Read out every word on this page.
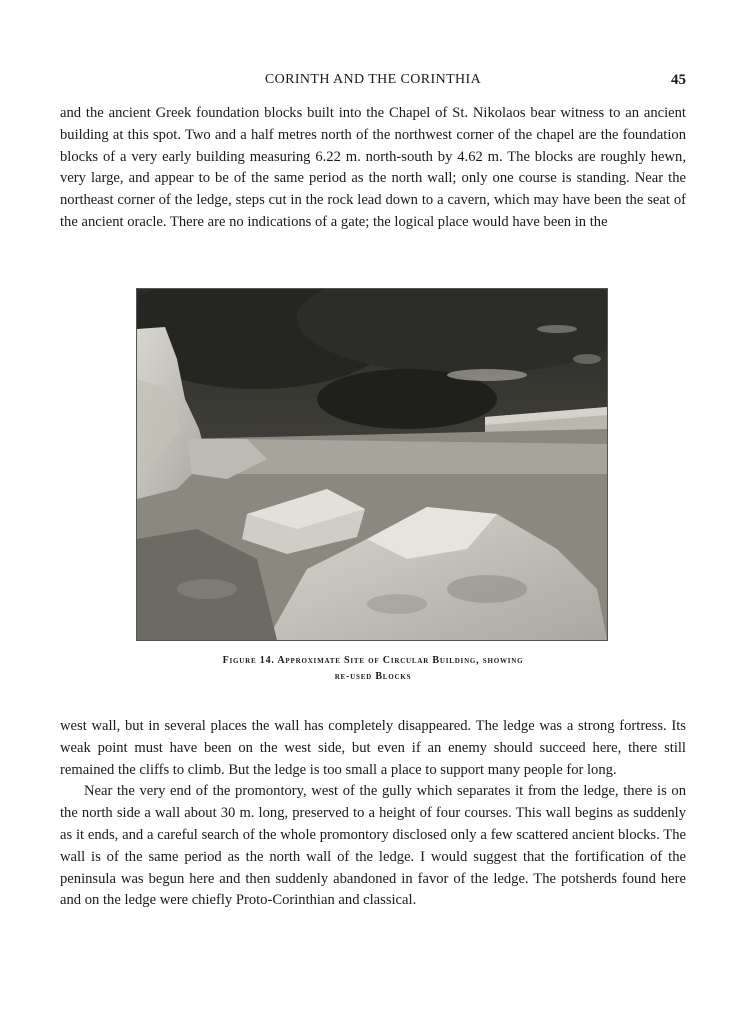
CORINTH AND THE CORINTHIA	45

and the ancient Greek foundation blocks built into the Chapel of St. Nikolaos bear witness to an ancient building at this spot. Two and a half metres north of the northwest corner of the chapel are the foundation blocks of a very early building measuring 6.22 m. north-south by 4.62 m. The blocks are roughly hewn, very large, and appear to be of the same period as the north wall; only one course is standing. Near the northeast corner of the ledge, steps cut in the rock lead down to a cavern, which may have been the seat of the ancient oracle. There are no indications of a gate; the logical place would have been in the

Figure 14. Approximate Site of Circular Building, showing
re-used Blocks

west wall, but in several places the wall has completely disappeared. The ledge was a strong fortress. Its weak point must have been on the west side, but even if an enemy should succeed here, there still remained the cliffs to climb. But the ledge is too small a place to support many people for long.

Near the very end of the promontory, west of the gully which separates it from the ledge, there is on the north side a wall about 30 m. long, preserved to a height of four courses. This wall begins as suddenly as it ends, and a careful search of the whole promontory disclosed only a few scattered ancient blocks. The wall is of the same period as the north wall of the ledge. I would suggest that the fortification of the peninsula was begun here and then suddenly abandoned in favor of the ledge. The potsherds found here and on the ledge were chiefly Proto-Corinthian and classical.
